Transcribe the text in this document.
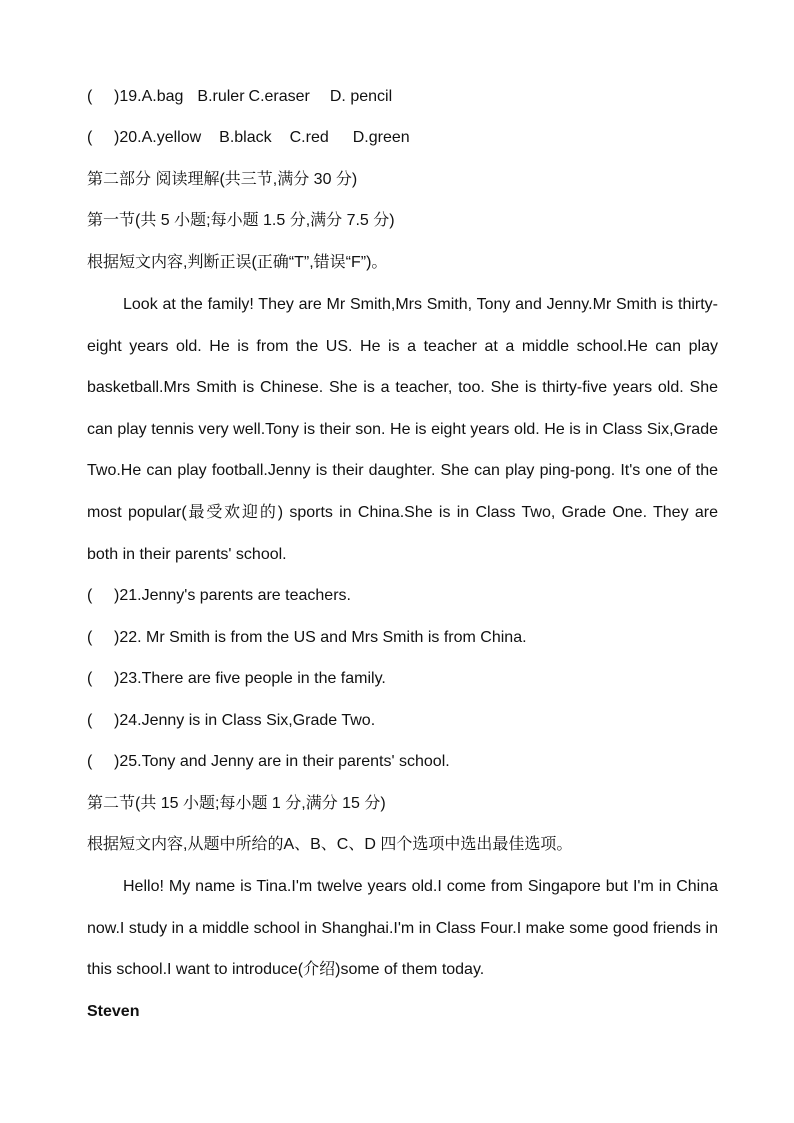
(	)19. A.bag B.ruler C.eraser D. pencil
(	)20. A.yellow B.black C.red D.green
第二部分 阅读理解(共三节,满分 30 分)
第一节(共 5 小题;每小题 1.5 分,满分 7.5 分)
根据短文内容,判断正误(正确“T”,错误“F”)。

Look at the family! They are Mr Smith,Mrs Smith, Tony and Jenny.Mr Smith is thirty-eight years old. He is from the US. He is a teacher at a middle school.He can play basketball.Mrs Smith is Chinese. She is a teacher, too. She is thirty-five years old. She can play tennis very well.Tony is their son. He is eight years old. He is in Class Six,Grade Two.He can play football.Jenny is their daughter. She can play ping-pong. It's one of the most popular(最受欢迎的) sports in China.She is in Class Two, Grade One. They are both in their parents' school.

(	)21.Jenny's parents are teachers.
(	)22. Mr Smith is from the US and Mrs Smith is from China.
(	)23.There are five people in the family.
(	)24.Jenny is in Class Six,Grade Two.
(	)25.Tony and Jenny are in their parents' school.
第二节(共 15 小题;每小题 1 分,满分 15 分)
根据短文内容,从题中所给的A、B、C、D 四个选项中选出最佳选项。

Hello! My name is Tina.I'm twelve years old.I come from Singapore but I'm in China now.I study in a middle school in Shanghai.I'm in Class Four.I make some good friends in this school.I want to introduce(介绍)some of them today.

Steven
